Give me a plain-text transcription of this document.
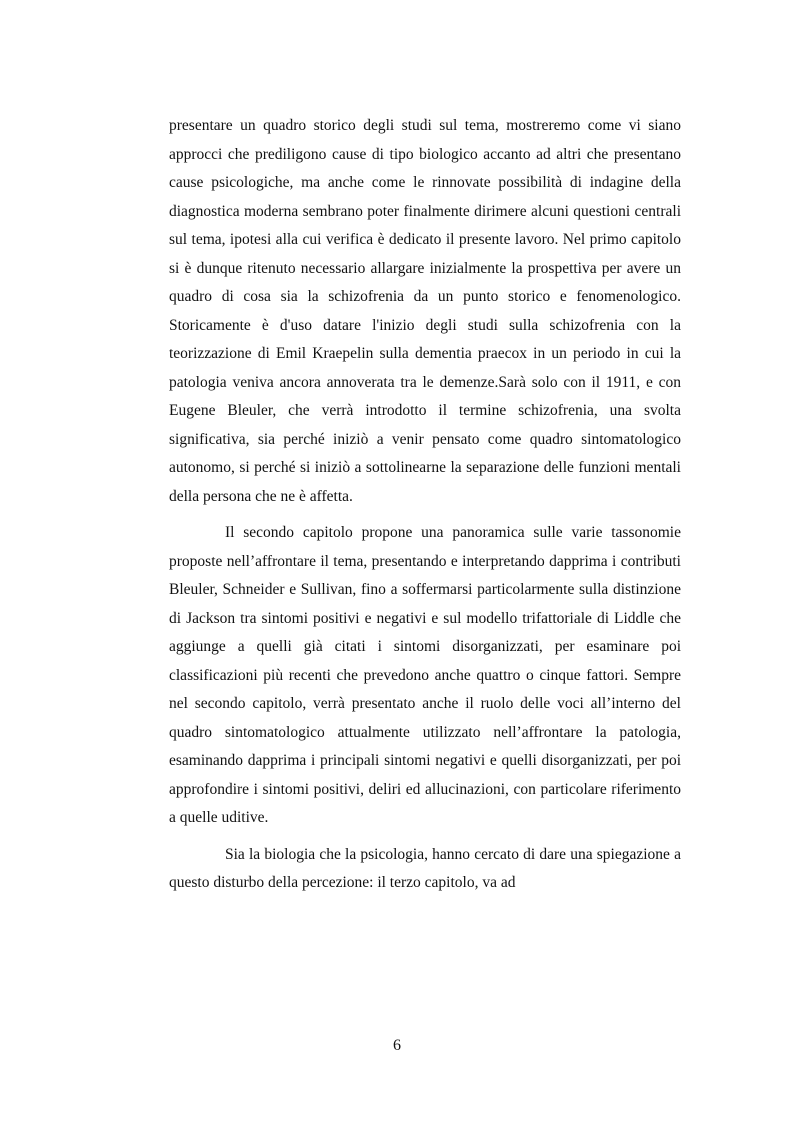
presentare un quadro storico degli studi sul tema, mostreremo come vi siano approcci che prediligono cause di tipo biologico accanto ad altri che presentano cause psicologiche, ma anche come le rinnovate possibilità di indagine della diagnostica moderna sembrano poter finalmente dirimere alcuni questioni centrali sul tema, ipotesi alla cui verifica è dedicato il presente lavoro. Nel primo capitolo si è dunque ritenuto necessario allargare inizialmente la prospettiva per avere un quadro di cosa sia la schizofrenia da un punto storico e fenomenologico. Storicamente è d'uso datare l'inizio degli studi sulla schizofrenia con la teorizzazione di Emil Kraepelin sulla dementia praecox in un periodo in cui la patologia veniva ancora annoverata tra le demenze.Sarà solo con il 1911, e con Eugene Bleuler, che verrà introdotto il termine schizofrenia, una svolta significativa, sia perché iniziò a venir pensato come quadro sintomatologico autonomo, si perché si iniziò a sottolinearne la separazione delle funzioni mentali della persona che ne è affetta.

Il secondo capitolo propone una panoramica sulle varie tassonomie proposte nell’affrontare il tema, presentando e interpretando dapprima i contributi Bleuler, Schneider e Sullivan, fino a soffermarsi particolarmente sulla distinzione di Jackson tra sintomi positivi e negativi e sul modello trifattoriale di Liddle che aggiunge a quelli già citati i sintomi disorganizzati, per esaminare poi classificazioni più recenti che prevedono anche quattro o cinque fattori. Sempre nel secondo capitolo, verrà presentato anche il ruolo delle voci all’interno del quadro sintomatologico attualmente utilizzato nell’affrontare la patologia, esaminando dapprima i principali sintomi negativi e quelli disorganizzati, per poi approfondire i sintomi positivi, deliri ed allucinazioni, con particolare riferimento a quelle uditive.

Sia la biologia che la psicologia, hanno cercato di dare una spiegazione a questo disturbo della percezione: il terzo capitolo, va ad

6
